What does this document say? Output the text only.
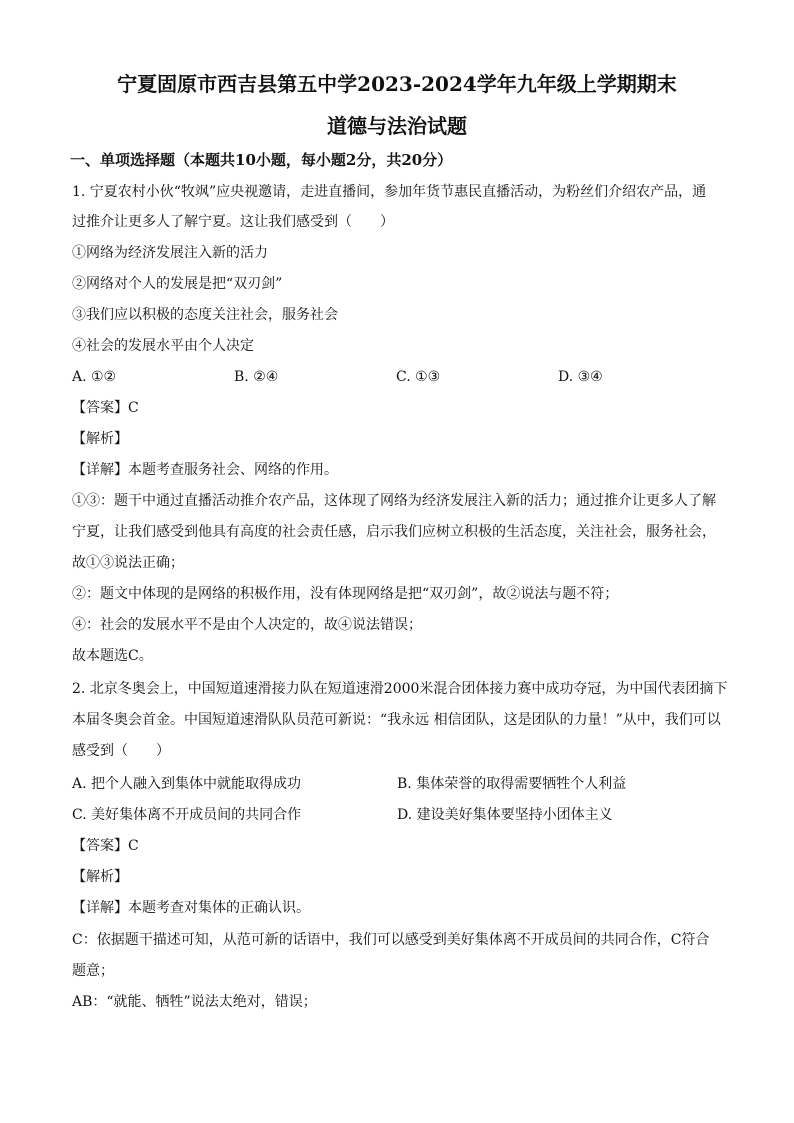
宁夏固原市西吉县第五中学2023-2024学年九年级上学期期末
道德与法治试题
一、单项选择题（本题共10小题，每小题2分，共20分）
1. 宁夏农村小伙“牧飒”应央视邀请，走进直播间，参加年货节惠民直播活动，为粉丝们介绍农产品，通
过推介让更多人了解宁夏。这让我们感受到（　　）
①网络为经济发展注入新的活力
②网络对个人的发展是把“双刃剑”
③我们应以积极的态度关注社会，服务社会
④社会的发展水平由个人决定
A. ①②	B. ②④	C. ①③	D. ③④
【答案】C
【解析】
【详解】本题考查服务社会、网络的作用。
①③：题干中通过直播活动推介农产品，这体现了网络为经济发展注入新的活力；通过推介让更多人了解
宁夏，让我们感受到他具有高度的社会责任感，启示我们应树立积极的生活态度，关注社会，服务社会，
故①③说法正确；
②：题文中体现的是网络的积极作用，没有体现网络是把“双刃剑”，故②说法与题不符；
④：社会的发展水平不是由个人决定的，故④说法错误；
故本题选C。
2. 北京冬奥会上，中国短道速滑接力队在短道速滑2000米混合团体接力赛中成功夺冠，为中国代表团摘下
本届冬奥会首金。中国短道速滑队队员范可新说：“我永远 相信团队，这是团队的力量！”从中，我们可以
感受到（　　）
A. 把个人融入到集体中就能取得成功	B. 集体荣誉的取得需要牺牲个人利益
C. 美好集体离不开成员间的共同合作	D. 建设美好集体要坚持小团体主义
【答案】C
【解析】
【详解】本题考查对集体的正确认识。
C：依据题干描述可知，从范可新的话语中，我们可以感受到美好集体离不开成员间的共同合作，C符合
题意；
AB：“就能、牺牲”说法太绝对，错误；
